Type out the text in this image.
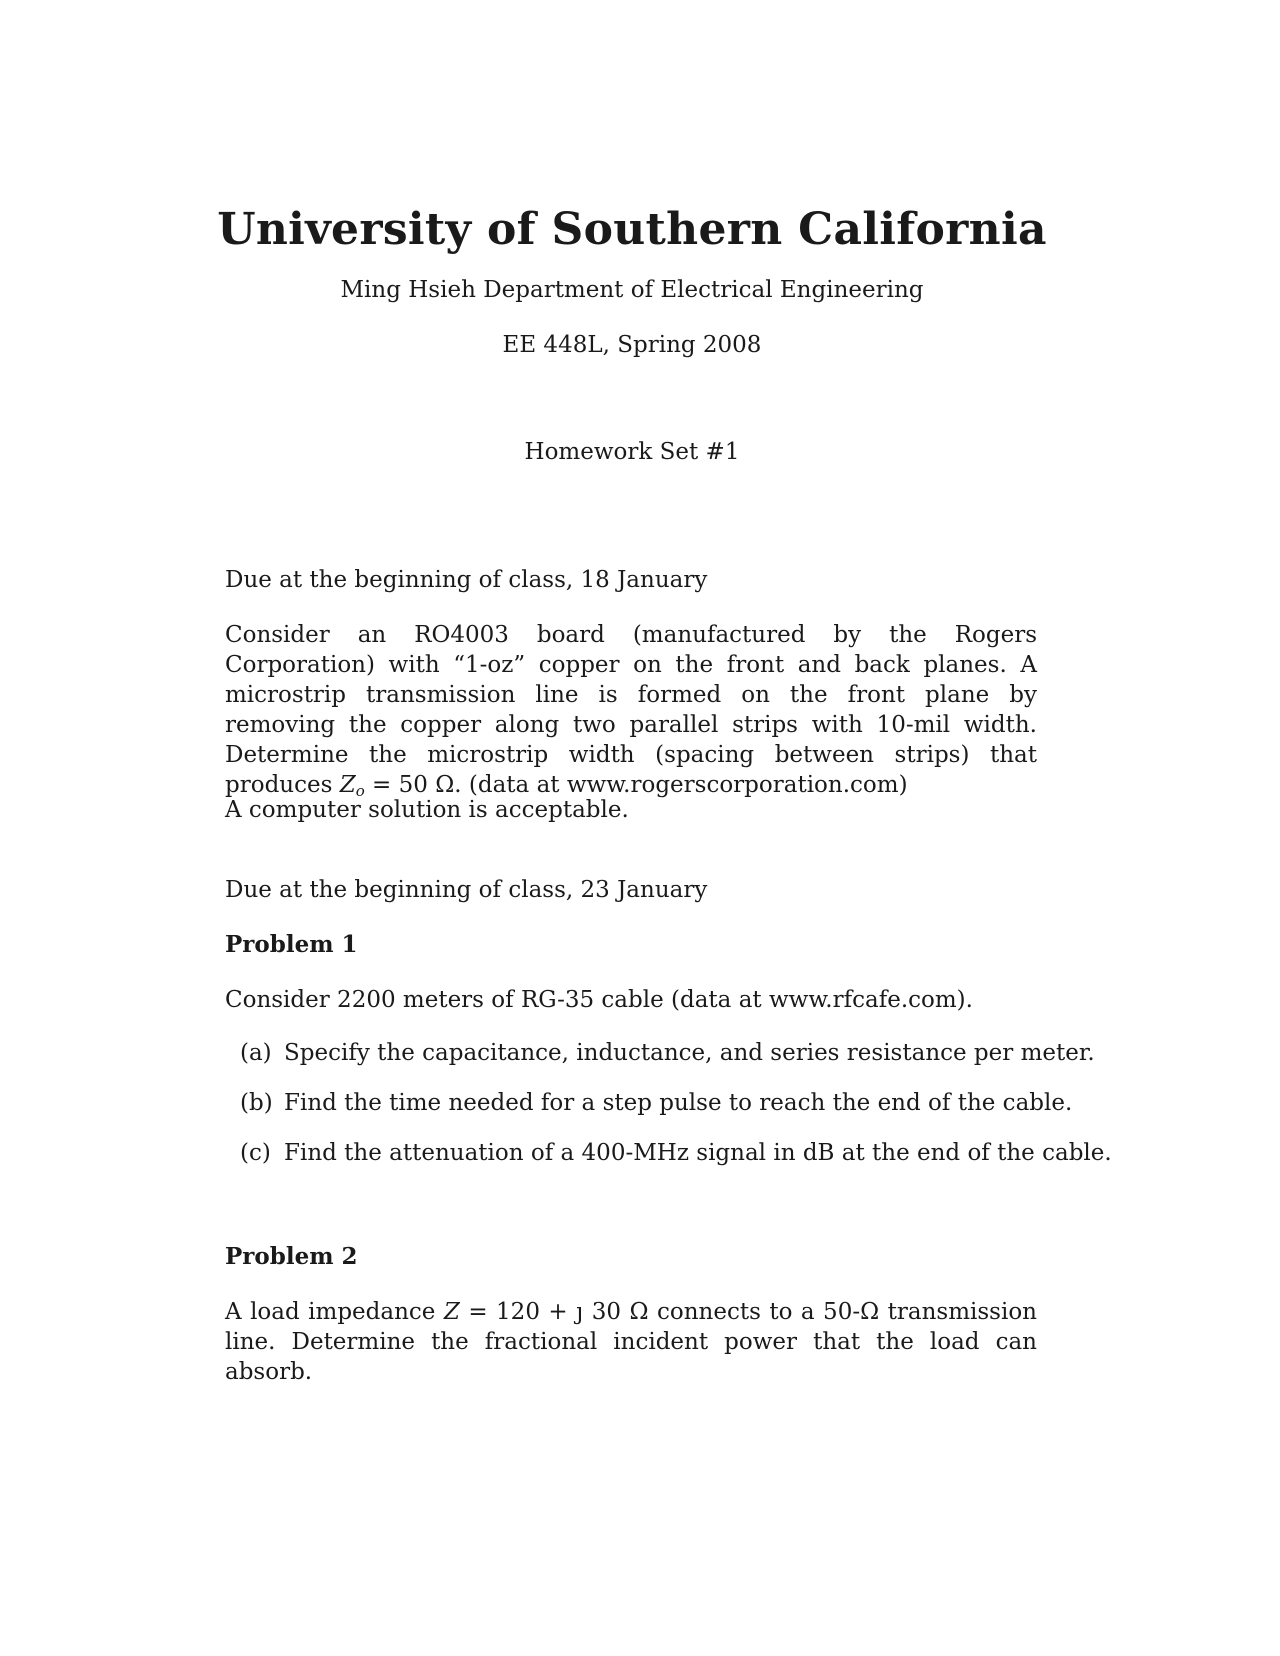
University of Southern California

Ming Hsieh Department of Electrical Engineering

EE 448L, Spring 2008

Homework Set #1

Due at the beginning of class, 18 January

Consider an RO4003 board (manufactured by the Rogers Corporation) with “1-oz” copper on the front and back planes. A microstrip transmission line is formed on the front plane by removing the copper along two parallel strips with 10-mil width. Determine the microstrip width (spacing between strips) that produces $Z_o = 50$ Ω. (data at www.rogerscorporation.com)

A computer solution is acceptable.

Due at the beginning of class, 23 January

Problem 1

Consider 2200 meters of RG-35 cable (data at www.rfcafe.com).

(a) Specify the capacitance, inductance, and series resistance per meter.

(b) Find the time needed for a step pulse to reach the end of the cable.

(c) Find the attenuation of a 400-MHz signal in dB at the end of the cable.

Problem 2

A load impedance Z = 120 + ȷ 30 Ω connects to a 50-Ω transmission line. Determine the fractional incident power that the load can absorb.
